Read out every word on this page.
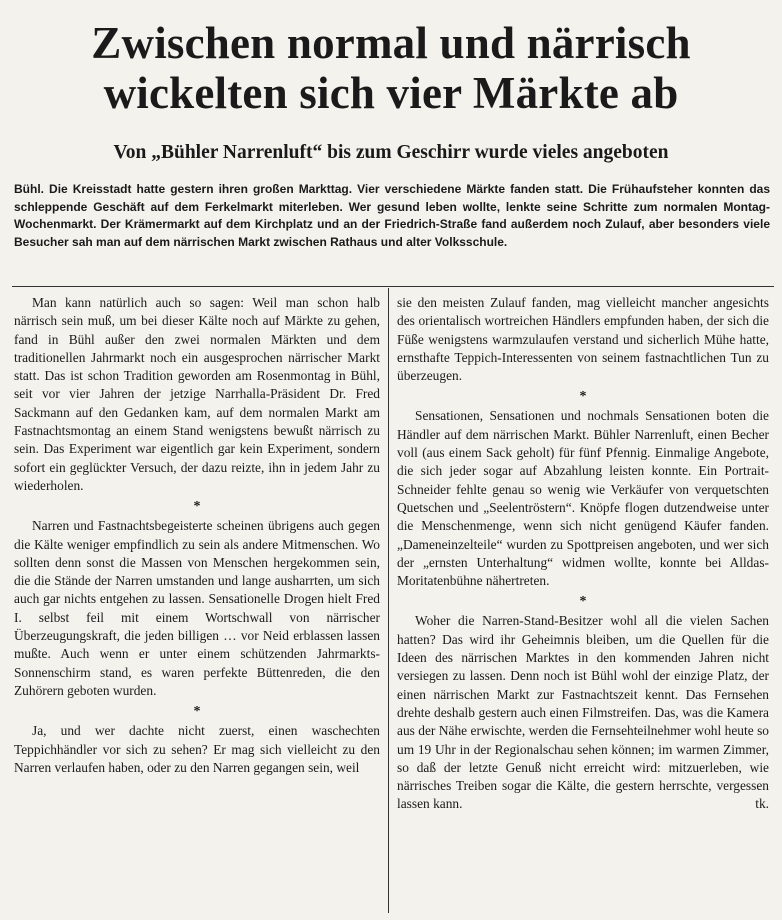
Zwischen normal und närrisch
wickelten sich vier Märkte ab
Von „Bühler Narrenluft“ bis zum Geschirr wurde vieles angeboten
Bühl. Die Kreisstadt hatte gestern ihren großen Markttag. Vier verschiedene Märkte fanden statt. Die Frühaufsteher konnten das schleppende Geschäft auf dem Ferkelmarkt miterleben. Wer gesund leben wollte, lenkte seine Schritte zum normalen Montag-Wochenmarkt. Der Krämermarkt auf dem Kirchplatz und an der Friedrich-Straße fand außerdem noch Zulauf, aber besonders viele Besucher sah man auf dem närrischen Markt zwischen Rathaus und alter Volksschule.

Man kann natürlich auch so sagen: Weil man schon halb närrisch sein muß, um bei dieser Kälte noch auf Märkte zu gehen, fand in Bühl außer den zwei normalen Märkten und dem traditionellen Jahrmarkt noch ein ausgesprochen närrischer Markt statt. Das ist schon Tradition geworden am Rosenmontag in Bühl, seit vor vier Jahren der jetzige Narrhalla-Präsident Dr. Fred Sackmann auf den Gedanken kam, auf dem normalen Markt am Fastnachtsmontag an einem Stand wenigstens bewußt närrisch zu sein. Das Experiment war eigentlich gar kein Experiment, sondern sofort ein geglückter Versuch, der dazu reizte, ihn in jedem Jahr zu wiederholen.

*

Narren und Fastnachtsbegeisterte scheinen übrigens auch gegen die Kälte weniger empfindlich zu sein als andere Mitmenschen. Wo sollten denn sonst die Massen von Menschen hergekommen sein, die die Stände der Narren umstanden und lange ausharrten, um sich auch gar nichts entgehen zu lassen. Sensationelle Drogen hielt Fred I. selbst feil mit einem Wortschwall von närrischer Überzeugungskraft, die jeden billigen … vor Neid erblassen lassen mußte. Auch wenn er unter einem schützenden Jahrmarkts-Sonnenschirm stand, es waren perfekte Büttenreden, die den Zuhörern geboten wurden.

*

Ja, und wer dachte nicht zuerst, einen waschechten Teppichhändler vor sich zu sehen? Er mag sich vielleicht zu den Narren verlaufen haben, oder zu den Narren gegangen sein, weil

sie den meisten Zulauf fanden, mag vielleicht mancher angesichts des orientalisch wortreichen Händlers empfunden haben, der sich die Füße wenigstens warmzulaufen verstand und sicherlich Mühe hatte, ernsthafte Teppich-Interessenten von seinem fastnachtlichen Tun zu überzeugen.

*

Sensationen, Sensationen und nochmals Sensationen boten die Händler auf dem närrischen Markt. Bühler Narrenluft, einen Becher voll (aus einem Sack geholt) für fünf Pfennig. Einmalige Angebote, die sich jeder sogar auf Abzahlung leisten konnte. Ein Portrait-Schneider fehlte genau so wenig wie Verkäufer von verquetschten Quetschen und „Seelentröstern“. Knöpfe flogen dutzendweise unter die Menschenmenge, wenn sich nicht genügend Käufer fanden. „Dameneinzelteile“ wurden zu Spottpreisen angeboten, und wer sich der „ernsten Unterhaltung“ widmen wollte, konnte bei Alldas-Moritatenbühne nähertreten.

*

Woher die Narren-Stand-Besitzer wohl all die vielen Sachen hatten? Das wird ihr Geheimnis bleiben, um die Quellen für die Ideen des närrischen Marktes in den kommenden Jahren nicht versiegen zu lassen. Denn noch ist Bühl wohl der einzige Platz, der einen närrischen Markt zur Fastnachtszeit kennt. Das Fernsehen drehte deshalb gestern auch einen Filmstreifen. Das, was die Kamera aus der Nähe erwischte, werden die Fernsehteilnehmer wohl heute so um 19 Uhr in der Regionalschau sehen können; im warmen Zimmer, so daß der letzte Genuß nicht erreicht wird: mitzuerleben, wie närrisches Treiben sogar die Kälte, die gestern herrschte, vergessen lassen kann.	tk.
